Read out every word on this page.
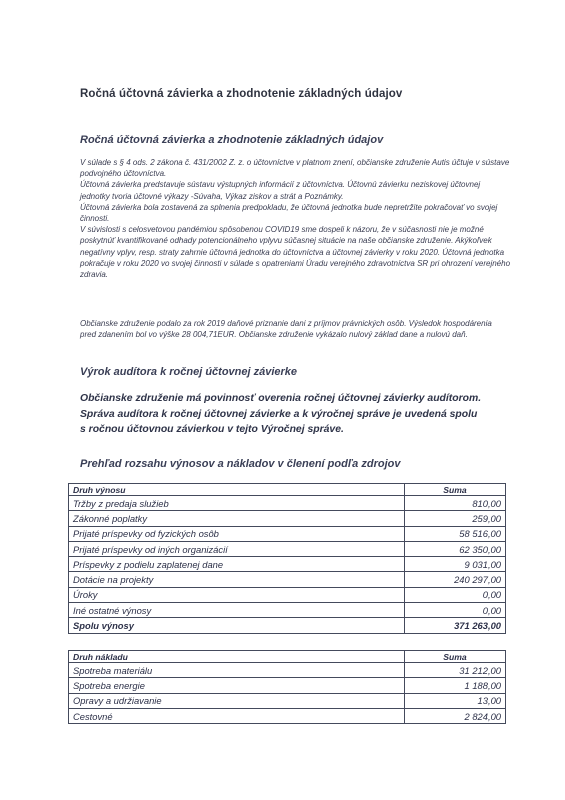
Ročná účtovná závierka a zhodnotenie základných údajov
Ročná účtovná závierka a zhodnotenie základných údajov

V súlade s § 4 ods. 2 zákona č. 431/2002 Z. z. o účtovníctve v platnom znení, občianske združenie Autis účtuje v sústave podvojného účtovníctva.

Účtovná závierka predstavuje sústavu výstupných informácií z účtovníctva. Účtovnú závierku neziskovej účtovnej jednotky tvoria účtovné výkazy -Súvaha, Výkaz ziskov a strát a Poznámky.

Účtovná závierka bola zostavená za splnenia predpokladu, že účtovná jednotka bude nepretržite pokračovať vo svojej činnosti.

V súvislosti s celosvetovou pandémiou spôsobenou COVID19 sme dospeli k názoru, že v súčasnosti nie je možné poskytnúť kvantifikované odhady potencionálneho vplyvu súčasnej situácie na naše občianske združenie. Akýkoľvek negatívny vplyv, resp. straty zahrnie účtovná jednotka do účtovníctva a účtovnej závierky v roku 2020. Účtovná jednotka pokračuje v roku 2020 vo svojej činnosti v súlade s opatreniami Úradu verejného zdravotníctva SR pri ohrození verejného zdravia.

Občianske združenie podalo za rok 2019 daňové priznanie dani z príjmov právnických osôb. Výsledok hospodárenia pred zdanením bol vo výške 28 004,71EUR. Občianske združenie vykázalo nulový základ dane a nulovú daň.

Výrok audítora k ročnej účtovnej závierke

Občianske združenie má povinnosť overenia ročnej účtovnej závierky audítorom.

Správa audítora k ročnej účtovnej závierke a k výročnej správe je uvedená spolu

s ročnou účtovnou závierkou v tejto Výročnej správe.

Prehľad rozsahu výnosov a nákladov v členení podľa zdrojov
Druh výnosu	Suma
Tržby z predaja služieb	810,00
Zákonné poplatky	259,00
Prijaté príspevky od fyzických osôb	58 516,00
Prijaté príspevky od iných organizácií	62 350,00
Príspevky z podielu zaplatenej dane	9 031,00
Dotácie na projekty	240 297,00
Úroky	0,00
Iné ostatné výnosy	0,00
Spolu výnosy	371 263,00
Druh nákladu	Suma
Spotreba materiálu	31 212,00
Spotreba energie	1 188,00
Opravy a udržiavanie	13,00
Cestovné	2 824,00
